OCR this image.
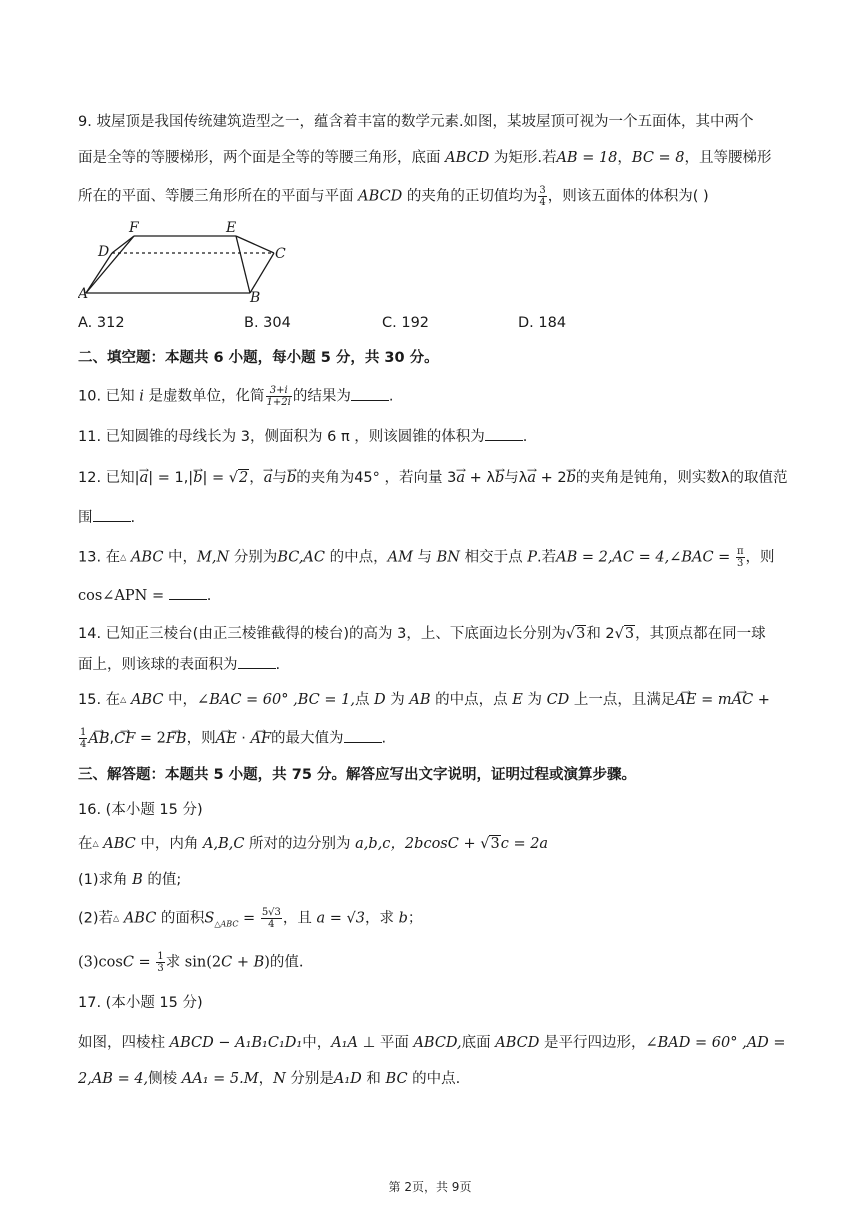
9. 坡屋顶是我国传统建筑造型之一，蕴含着丰富的数学元素.如图，某坡屋顶可视为一个五面体，其中两个
面是全等的等腰梯形，两个面是全等的等腰三角形，底面 ABCD 为矩形.若AB = 18，BC = 8，且等腰梯形
所在的平面、等腰三角形所在的平面与平面 ABCD 的夹角的正切值均为 $\frac{3}{4}$ ，则该五面体的体积为( )
F	E
D	C
A	B
A. 312	B. 304	C. 192	D. 184
二、填空题：本题共 6 小题，每小题 5 分，共 30 分。
10. 已知 i 是虚数单位，化简 $\frac{3+i}{1+2i}$ 的结果为	.
11. 已知圆锥的母线长为 3，侧面积为 6 π ，则该圆锥的体积为	.
12. 已知|→ a| = 1,|→ b| = √2，→ a与→ b的夹角为45° ，若向量 3→ a + λ→ b与λ→ a + 2→ b的夹角是钝角，则实数λ的取值范
围	.
13. 在△ ABC 中，M,N 分别为BC,AC 的中点，AM 与 BN 相交于点 P.若AB = 2,AC = 4,∠BAC = $\frac{\pi}{3}$ ，则
cos∠APN =	.
14. 已知正三棱台(由正三棱锥截得的棱台)的高为 3，上、下底面边长分别为√3和 2√3，其顶点都在同一球
面上，则该球的表面积为	.
15. 在△ ABC 中，∠BAC = 60° ,BC = 1,点 D 为 AB 的中点，点 E 为 CD 上一点，且满足→ AE = m→ AC +
$\frac{1}{4}$
→ AB,→ CF = 2→ FB，则→ AE · → AF的最大值为	.
三、解答题：本题共 5 小题，共 75 分。解答应写出文字说明，证明过程或演算步骤。
16. (本小题 15 分)
在△ ABC 中，内角 A,B,C 所对的边分别为 a,b,c，2bcosC + √3c = 2a
(1)求角 B 的值;
(2)若△ ABC 的面积$S_{\triangle ABC} = \frac{5√3}{4}$ ，且 a = √3，求 b；
$(3)\cos C = \frac{1}{3}$ 求 sin(2C + B)的值.
17. (本小题 15 分)
如图，四棱柱 ABCD − A₁B₁C₁D₁中，A₁A ⊥ 平面 ABCD,底面 ABCD 是平行四边形，∠BAD = 60° ,AD =
2,AB = 4,侧棱 AA₁ = 5.M，N 分别是A₁D 和 BC 的中点.
第 2页，共 9页
